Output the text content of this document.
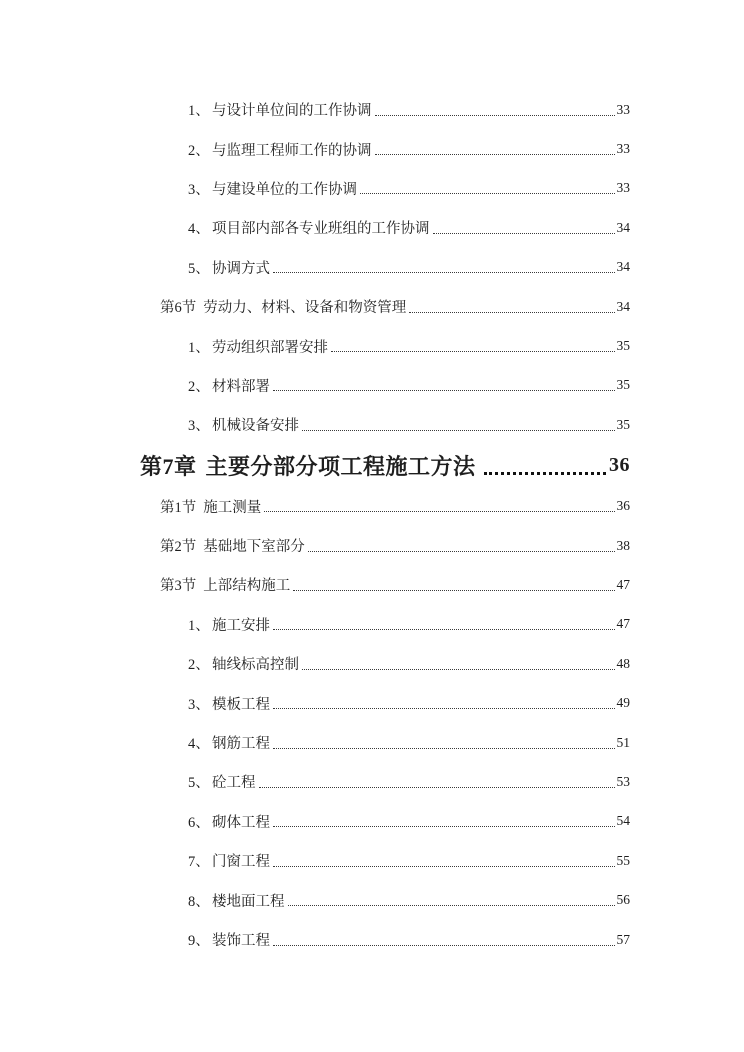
1、 与设计单位间的工作协调	33
2、 与监理工程师工作的协调	33
3、 与建设单位的工作协调	33
4、 项目部内部各专业班组的工作协调	34
5、 协调方式	34
第6节 劳动力、材料、设备和物资管理	34
1、 劳动组织部署安排	35
2、 材料部署	35
3、 机械设备安排	35
第7章 主要分部分项工程施工方法	36
第1节 施工测量	36
第2节 基础地下室部分	38
第3节 上部结构施工	47
1、 施工安排	47
2、 轴线标高控制	48
3、 模板工程	49
4、 钢筋工程	51
5、 砼工程	53
6、 砌体工程	54
7、 门窗工程	55
8、 楼地面工程	56
9、 装饰工程	57
